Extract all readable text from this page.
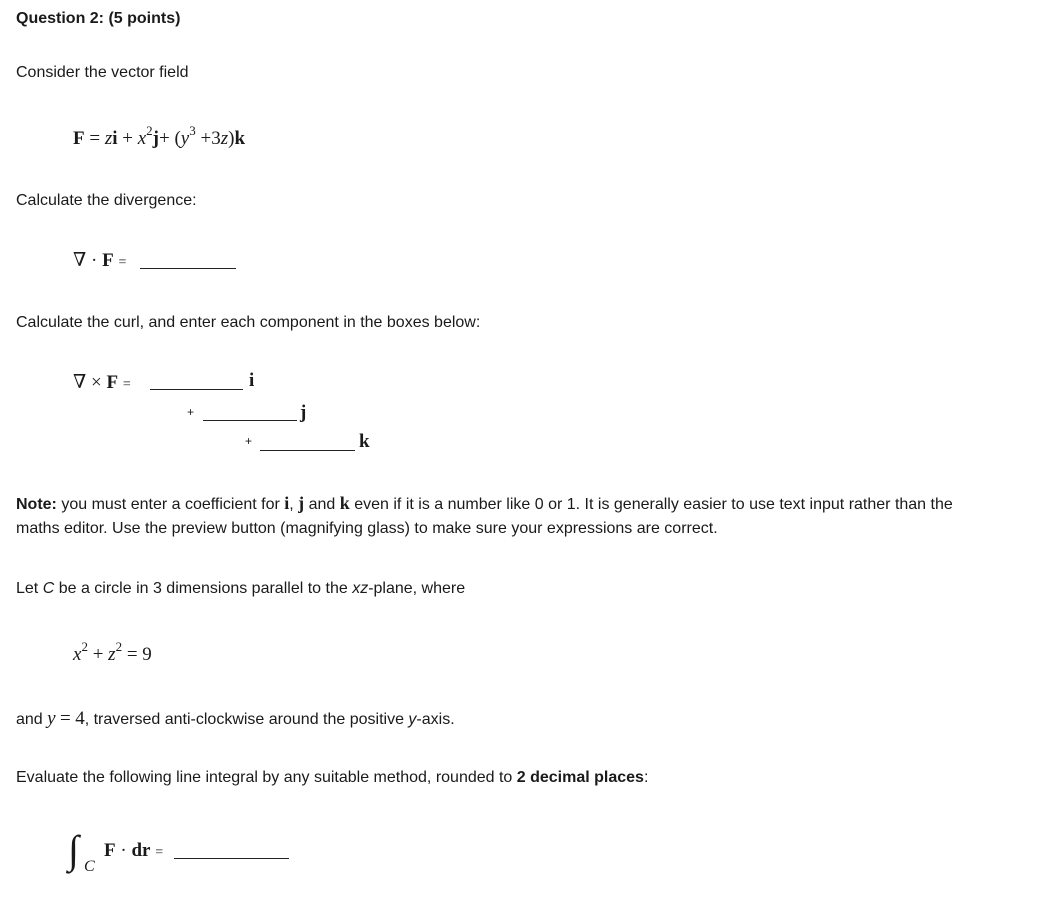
Question 2: (5 points)
Consider the vector field
F = zi + $x^2j+ (y^3 +3z)k$
Calculate the divergence:
∇ · F =
Calculate the curl, and enter each component in the boxes below:
∇ × F =	i
+	j
+	k
Note: you must enter a coefficient for i, j and k even if it is a number like 0 or 1. It is generally easier to use text input rather than the
maths editor. Use the preview button (magnifying glass) to make sure your expressions are correct.
Let C be a circle in 3 dimensions parallel to the xz-plane, where
$x^2 + z^2 = 9$
and y = 4, traversed anti-clockwise around the positive y-axis.
Evaluate the following line integral by any suitable method, rounded to 2 decimal places:
∫ C
F · dr =
